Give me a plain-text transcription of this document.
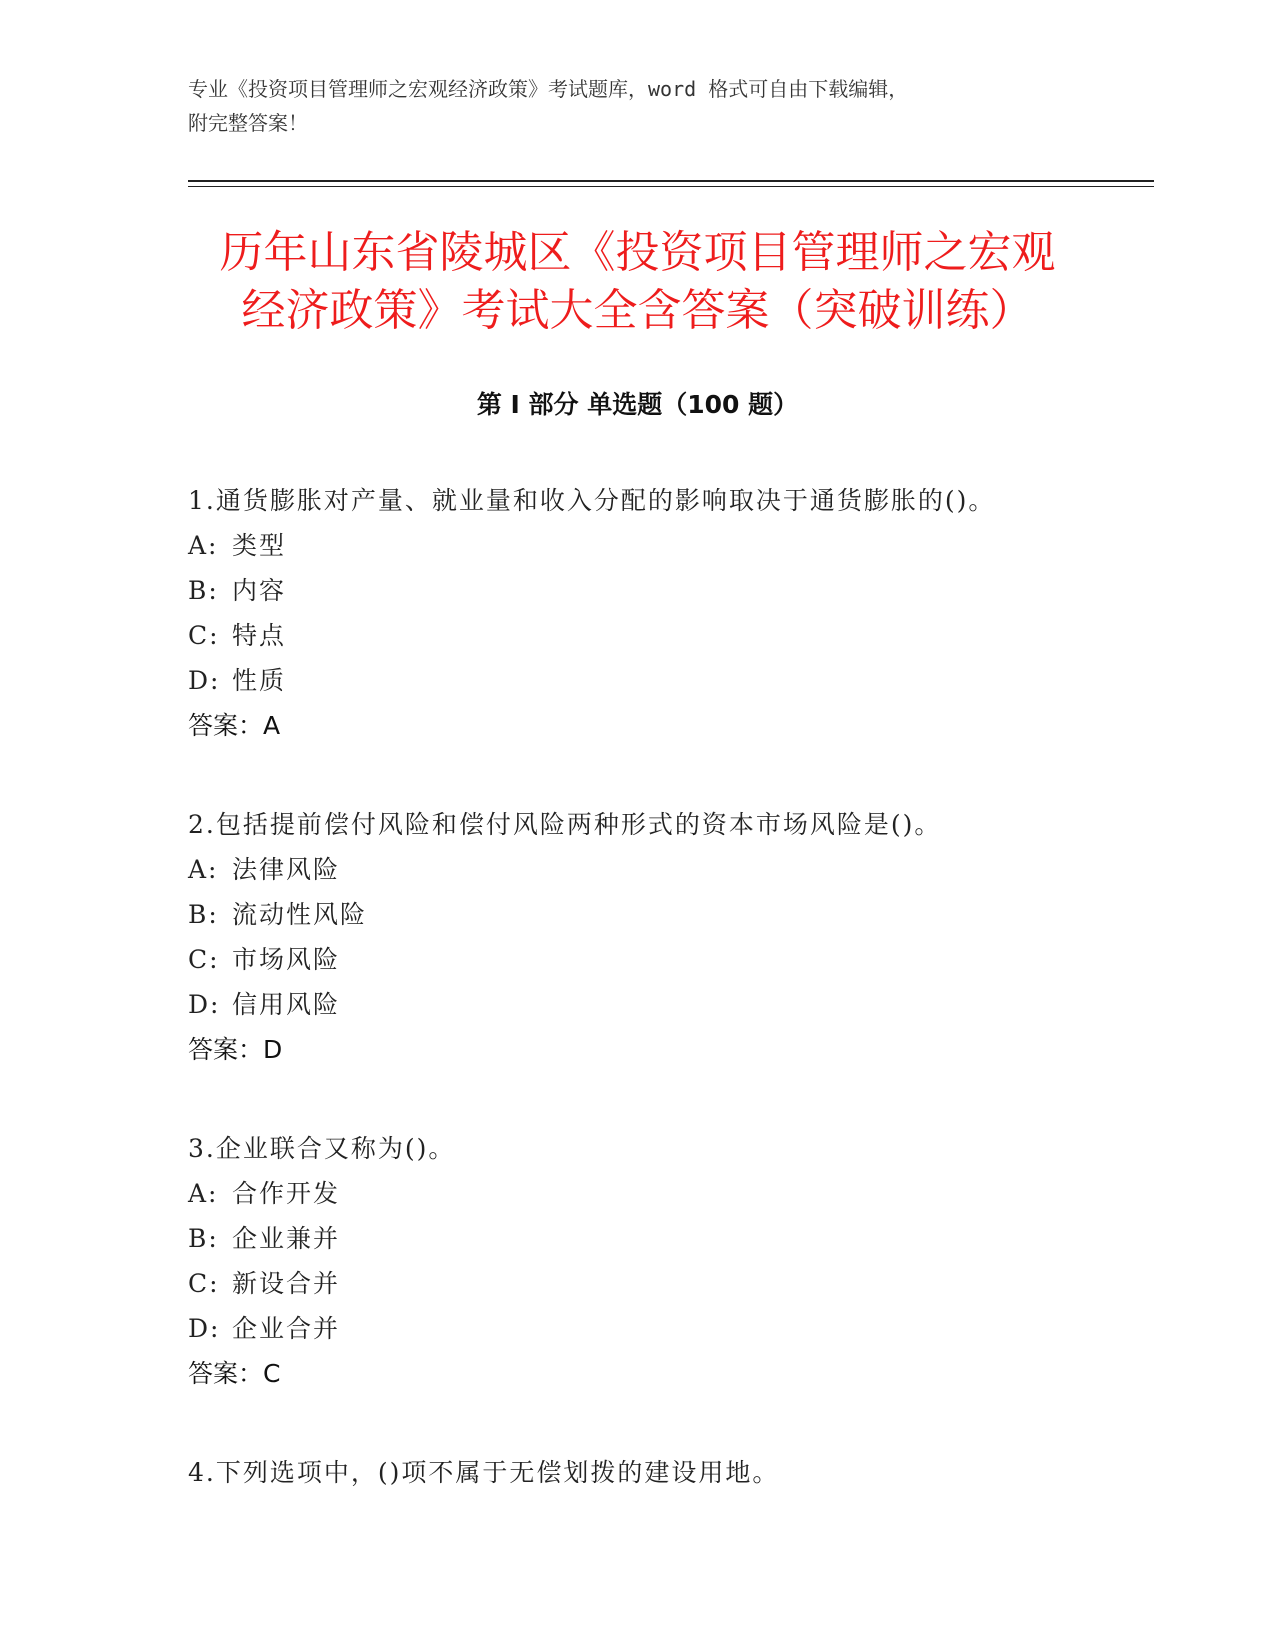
专业《投资项目管理师之宏观经济政策》考试题库，word 格式可自由下载编辑，
附完整答案！
历年山东省陵城区《投资项目管理师之宏观
经济政策》考试大全含答案（突破训练）
第 I 部分 单选题（100 题）
1.通货膨胀对产量、就业量和收入分配的影响取决于通货膨胀的()。
A: 类型
B: 内容
C: 特点
D: 性质
答案：A
2.包括提前偿付风险和偿付风险两种形式的资本市场风险是()。
A: 法律风险
B: 流动性风险
C: 市场风险
D: 信用风险
答案：D
3.企业联合又称为()。
A: 合作开发
B: 企业兼并
C: 新设合并
D: 企业合并
答案：C
4.下列选项中，()项不属于无偿划拨的建设用地。
